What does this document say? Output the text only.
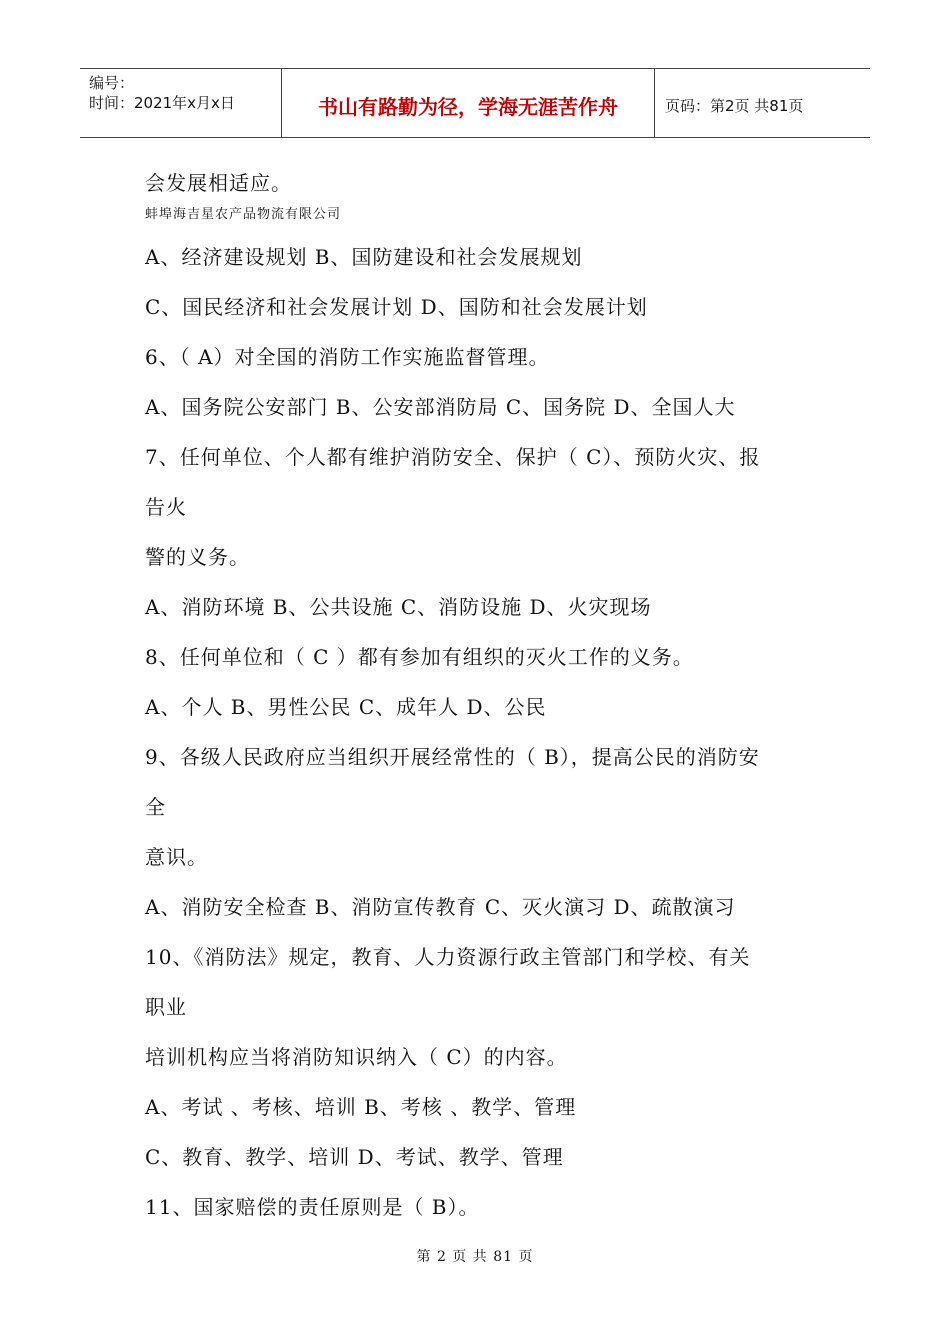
编号：
时间：2021年x月x日	书山有路勤为径，学海无涯苦作舟	页码：第2页 共81页
会发展相适应。
蚌埠海吉星农产品物流有限公司
A、经济建设规划 B、国防建设和社会发展规划
C、国民经济和社会发展计划 D、国防和社会发展计划
6、（ A）对全国的消防工作实施监督管理。
A、国务院公安部门 B、公安部消防局 C、国务院 D、全国人大
7、任何单位、个人都有维护消防安全、保护（ C）、预防火灾、报
告火
警的义务。
A、消防环境 B、公共设施 C、消防设施 D、火灾现场
8、任何单位和（ C ）都有参加有组织的灭火工作的义务。
A、个人 B、男性公民 C、成年人 D、公民
9、各级人民政府应当组织开展经常性的（ B），提高公民的消防安
全
意识。
A、消防安全检查 B、消防宣传教育 C、灭火演习 D、疏散演习
10、《消防法》规定，教育、人力资源行政主管部门和学校、有关
职业
培训机构应当将消防知识纳入（ C）的内容。
A、考试 、考核、培训 B、考核 、教学、管理
C、教育、教学、培训 D、考试、教学、管理
11、国家赔偿的责任原则是（ B）。
第 2 页 共 81 页
